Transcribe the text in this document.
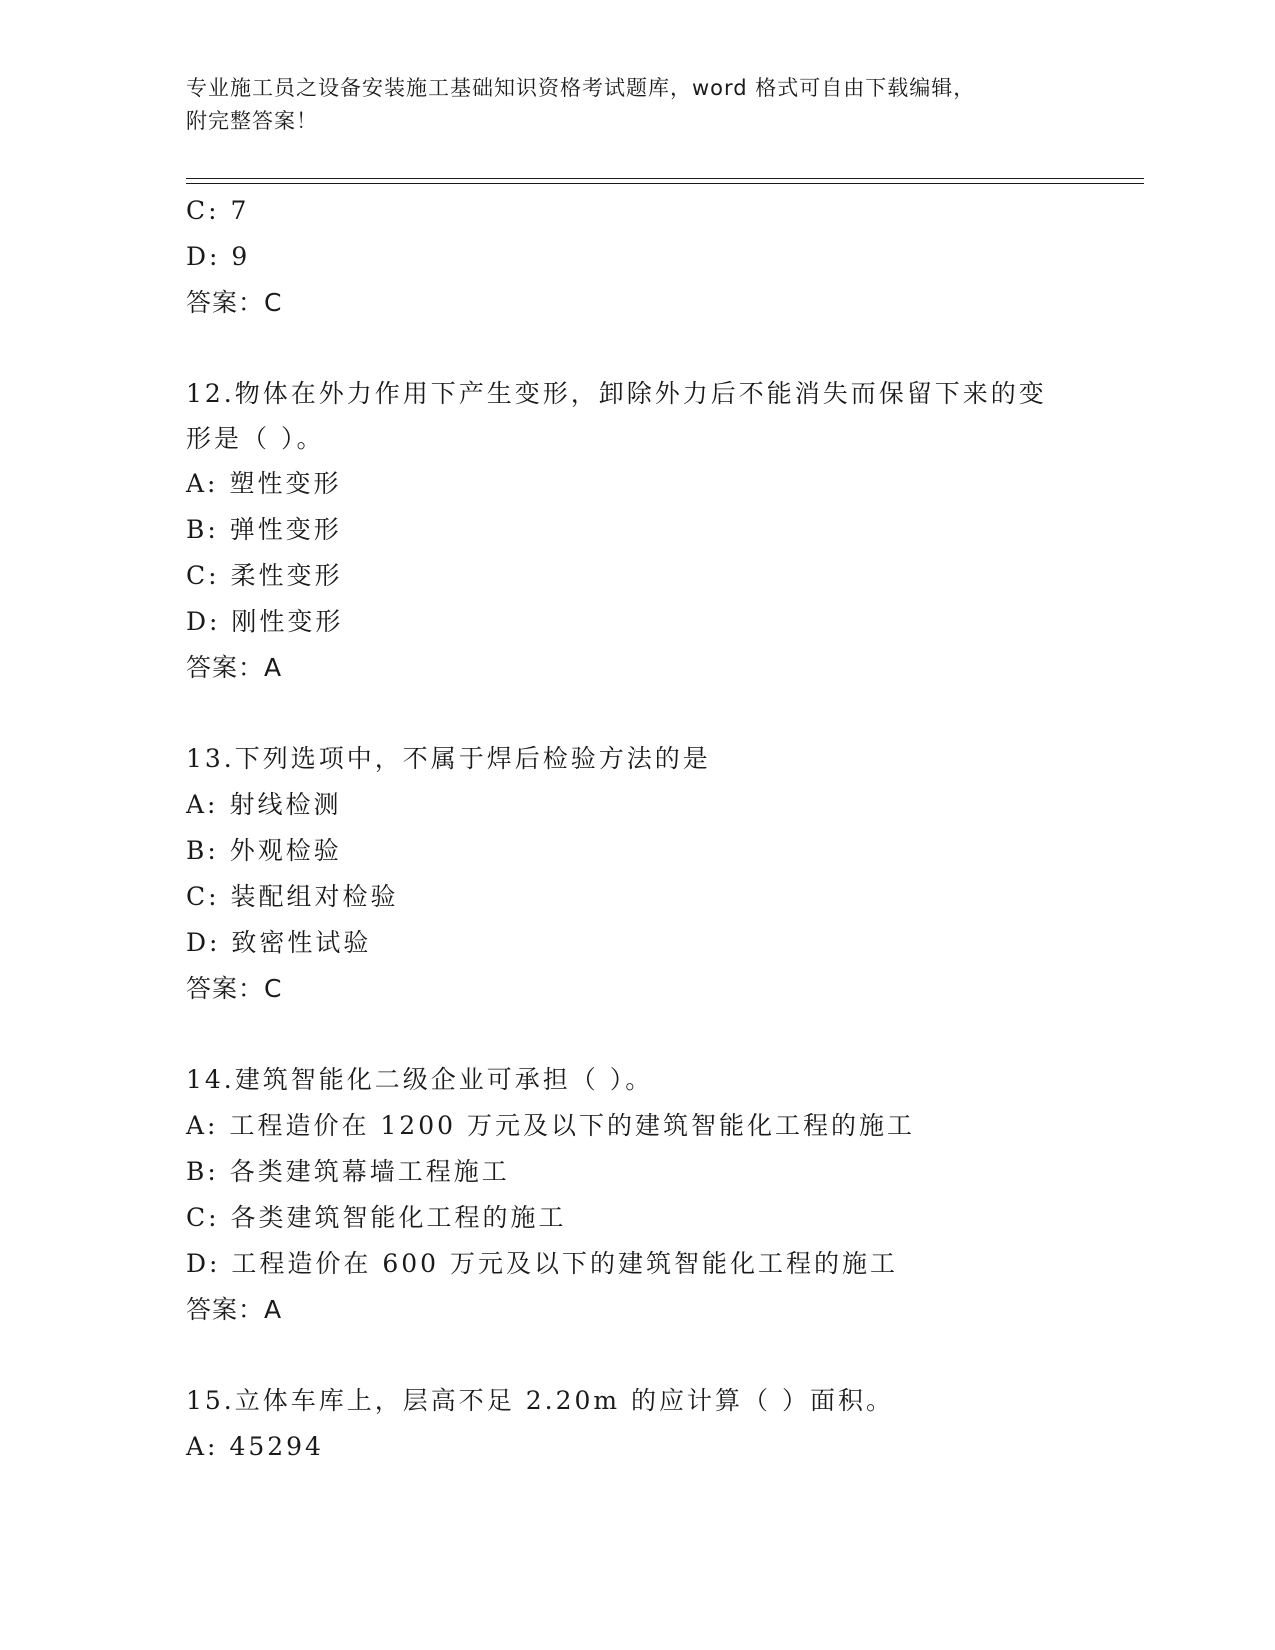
专业施工员之设备安装施工基础知识资格考试题库，word 格式可自由下载编辑，
附完整答案！
C: 7
D: 9
答案：C
12.物体在外力作用下产生变形，卸除外力后不能消失而保留下来的变
形是（ ）。
A: 塑性变形
B: 弹性变形
C: 柔性变形
D: 刚性变形
答案：A
13.下列选项中，不属于焊后检验方法的是
A: 射线检测
B: 外观检验
C: 装配组对检验
D: 致密性试验
答案：C
14.建筑智能化二级企业可承担（ ）。
A: 工程造价在 1200 万元及以下的建筑智能化工程的施工
B: 各类建筑幕墙工程施工
C: 各类建筑智能化工程的施工
D: 工程造价在 600 万元及以下的建筑智能化工程的施工
答案：A
15.立体车库上，层高不足 2.20m 的应计算（ ）面积。
A: 45294
